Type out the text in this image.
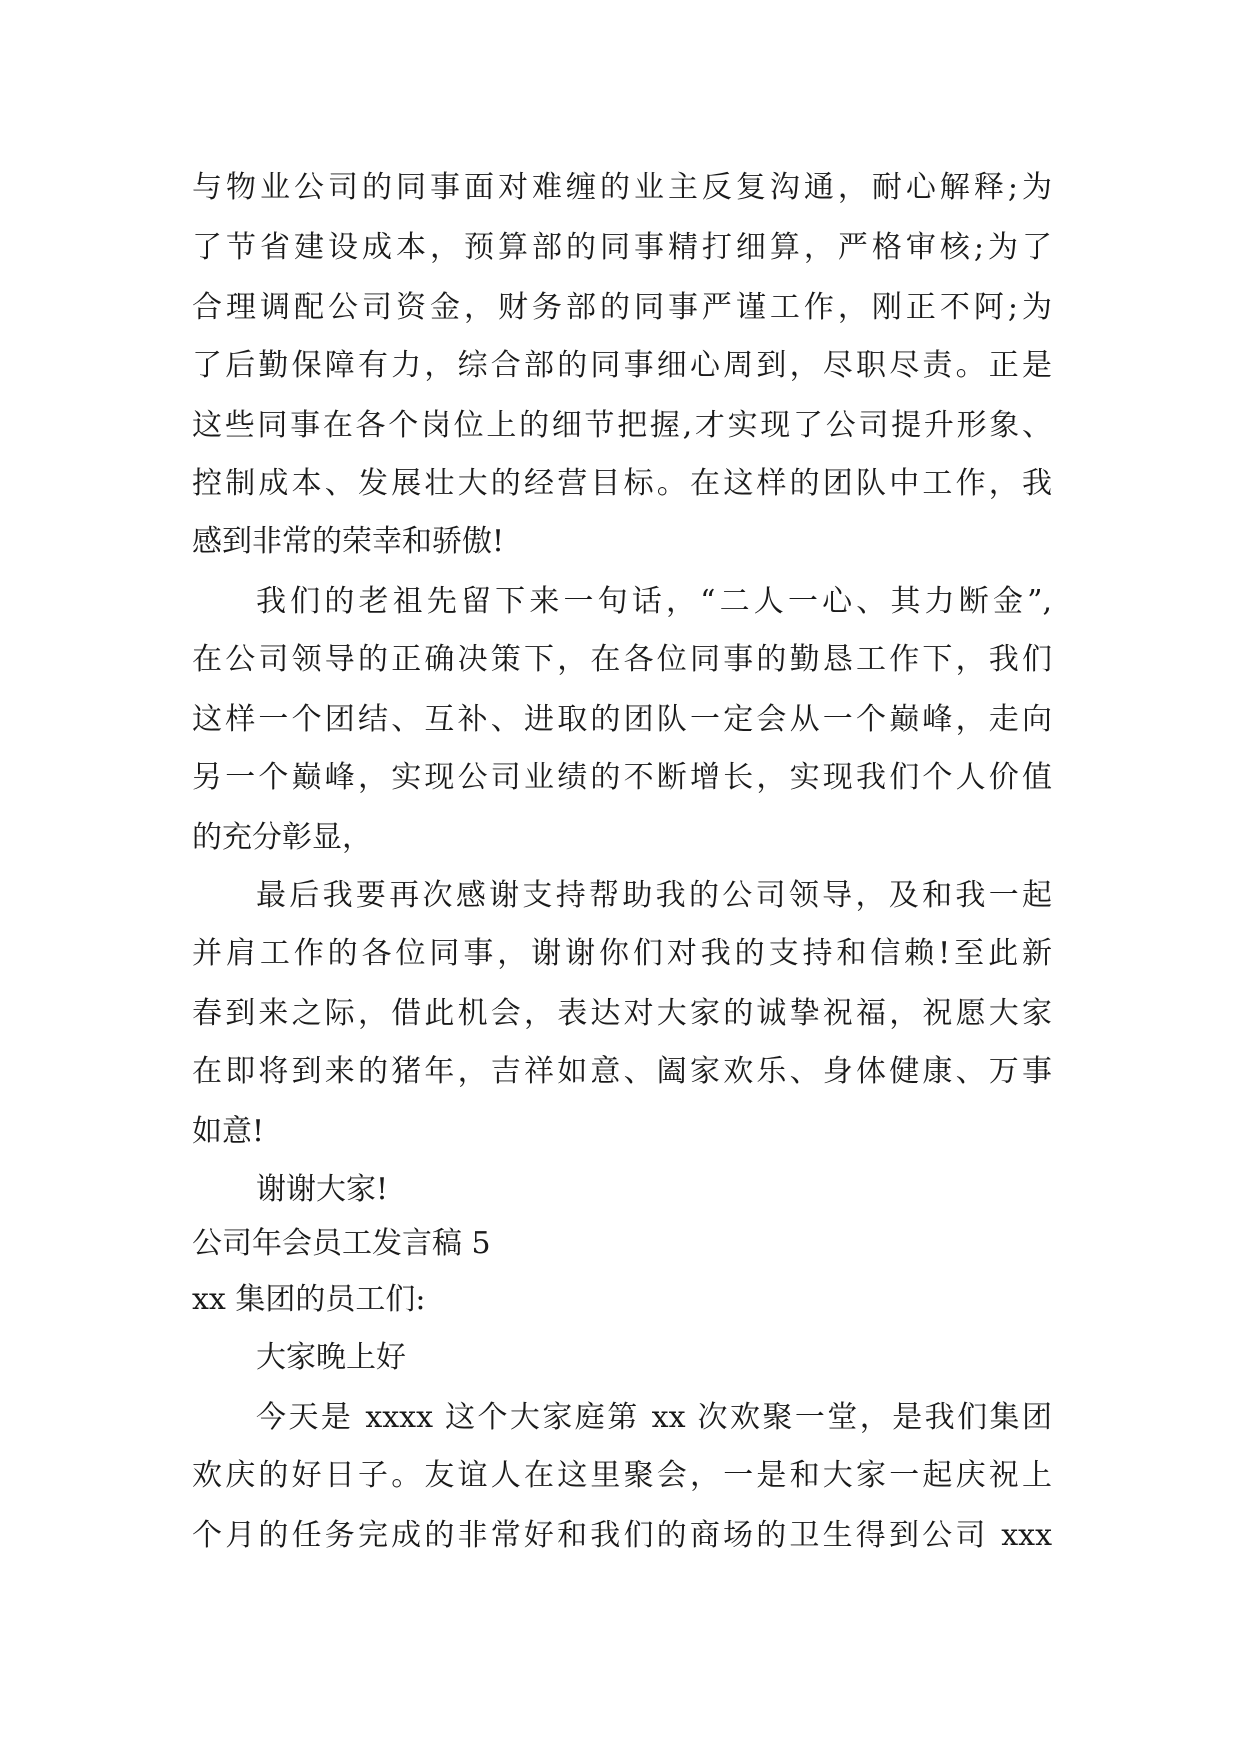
与物业公司的同事面对难缠的业主反复沟通，耐心解释;为
了节省建设成本，预算部的同事精打细算，严格审核;为了
合理调配公司资金，财务部的同事严谨工作，刚正不阿;为
了后勤保障有力，综合部的同事细心周到，尽职尽责。正是
这些同事在各个岗位上的细节把握,才实现了公司提升形象、
控制成本、发展壮大的经营目标。在这样的团队中工作，我
感到非常的荣幸和骄傲!
我们的老祖先留下来一句话，“二人一心、其力断金”,
在公司领导的正确决策下，在各位同事的勤恳工作下，我们
这样一个团结、互补、进取的团队一定会从一个巅峰，走向
另一个巅峰，实现公司业绩的不断增长，实现我们个人价值
的充分彰显，
最后我要再次感谢支持帮助我的公司领导，及和我一起
并肩工作的各位同事，谢谢你们对我的支持和信赖!至此新
春到来之际，借此机会，表达对大家的诚挚祝福，祝愿大家
在即将到来的猪年，吉祥如意、阖家欢乐、身体健康、万事
如意!
谢谢大家!
公司年会员工发言稿 5
xx 集团的员工们:
大家晚上好
今天是 xxxx 这个大家庭第 xx 次欢聚一堂，是我们集团
欢庆的好日子。友谊人在这里聚会，一是和大家一起庆祝上
个月的任务完成的非常好和我们的商场的卫生得到公司 xxx
